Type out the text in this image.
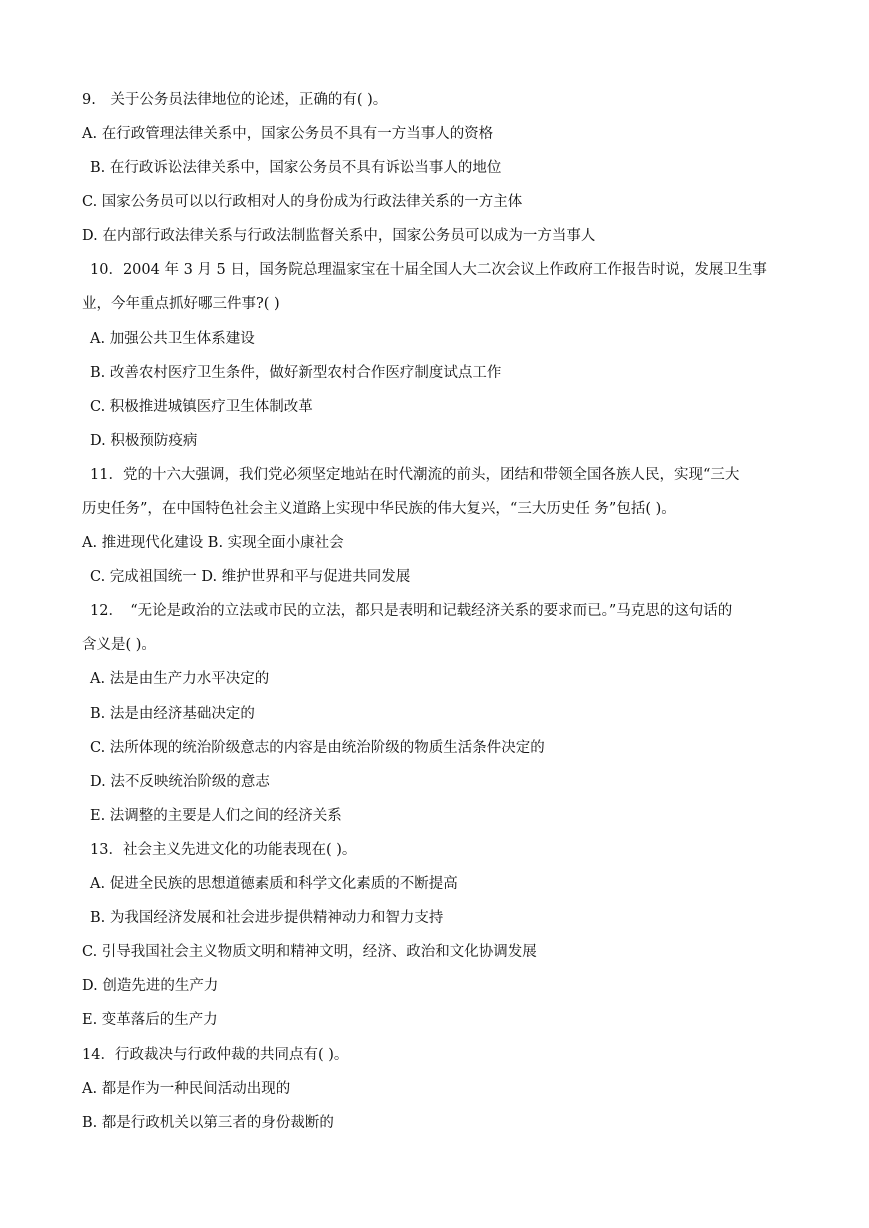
9.　关于公务员法律地位的论述，正确的有( )。
A. 在行政管理法律关系中，国家公务员不具有一方当事人的资格
B. 在行政诉讼法律关系中，国家公务员不具有诉讼当事人的地位
C. 国家公务员可以以行政相对人的身份成为行政法律关系的一方主体
D. 在内部行政法律关系与行政法制监督关系中，国家公务员可以成为一方当事人
10．2004 年 3 月 5 日，国务院总理温家宝在十届全国人大二次会议上作政府工作报告时说，发展卫生事
业，今年重点抓好哪三件事?( )
A. 加强公共卫生体系建设
B. 改善农村医疗卫生条件，做好新型农村合作医疗制度试点工作
C. 积极推进城镇医疗卫生体制改革
D. 积极预防疫病
11．党的十六大强调，我们党必须坚定地站在时代潮流的前头，团结和带领全国各族人民，实现“三大
历史任务”，在中国特色社会主义道路上实现中华民族的伟大复兴，“三大历史任 务”包括( )。
A. 推进现代化建设 B. 实现全面小康社会
C. 完成祖国统一 D. 维护世界和平与促进共同发展
12．　“无论是政治的立法或市民的立法，都只是表明和记载经济关系的要求而已。”马克思的这句话的
含义是( )。
A. 法是由生产力水平决定的
B. 法是由经济基础决定的
C. 法所体现的统治阶级意志的内容是由统治阶级的物质生活条件决定的
D. 法不反映统治阶级的意志
E. 法调整的主要是人们之间的经济关系
13．社会主义先进文化的功能表现在( )。
A. 促进全民族的思想道德素质和科学文化素质的不断提高
B. 为我国经济发展和社会进步提供精神动力和智力支持
C. 引导我国社会主义物质文明和精神文明，经济、政治和文化协调发展
D. 创造先进的生产力
E. 变革落后的生产力
14．行政裁决与行政仲裁的共同点有( )。
A. 都是作为一种民间活动出现的
B. 都是行政机关以第三者的身份裁断的
